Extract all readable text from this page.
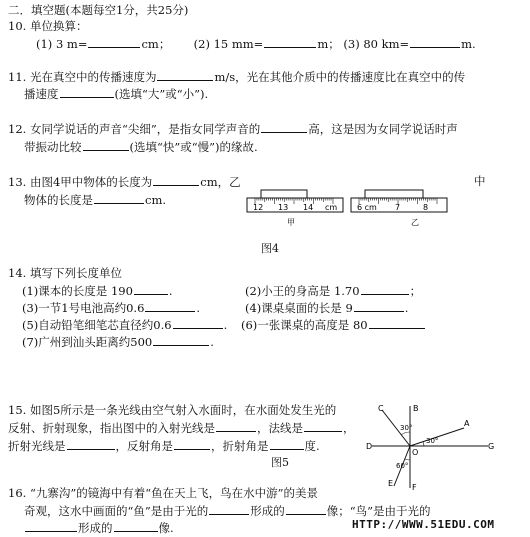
二．填空题(本题每空1分，共25分)
10. 单位换算：
(1) 3 m=	cm； (2) 15 mm=	m； (3) 80 km=	m.
11. 光在真空中的传播速度为	m/s，光在其他介质中的传播速度比在真空中的传
播速度	(选填“大”或“小”).
12. 女同学说话的声音“尖细”，是指女同学声音的	高，这是因为女同学说话时声
带振动比较	(选填“快”或“慢”)的缘故.
13. 由图4甲中物体的长度为	cm，乙	中
物体的长度是	cm.
12 13 14 cm
甲
6 cm 7	8
乙
图4
14. 填写下列长度单位
(1)课本的长度是 190	.	(2)小王的身高是 1.70	；
(3)一节1号电池高约0.6	.	(4)课桌桌面的长是 9	.
(5)自动铅笔细笔芯直径约0.6	. (6)一张课桌的高度是 80
(7)广州到汕头距离约500	.
15. 如图5所示是一条光线由空气射入水面时，在水面处发生光的
反射、折射现象，指出图中的入射光线是	，法线是	，
折射光线是	，反射角是	，折射角是	度.
图5
C	B
A
D
O
G
E F
30°
30°
60°
16. “九寨沟”的镜海中有着“鱼在天上飞，鸟在水中游”的美景
奇观，这水中画面的“鱼”是由于光的	形成的	像；“鸟”是由于光的
形成的	像.	HTTP://WWW.51EDU.COM
